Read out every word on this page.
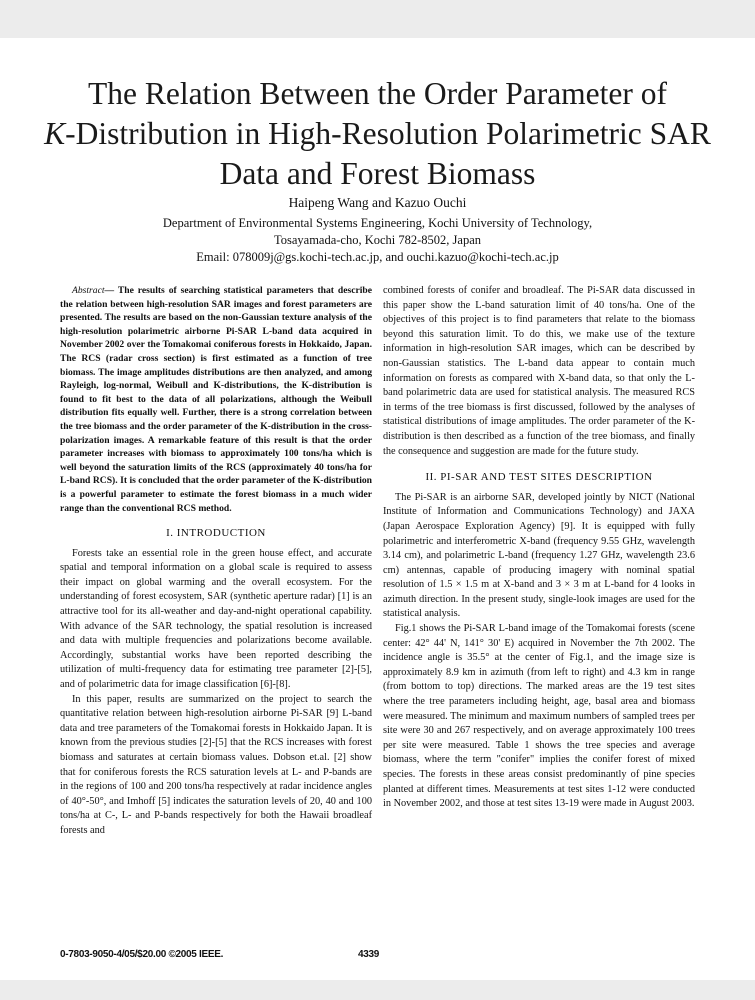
The Relation Between the Order Parameter of
K-Distribution in High-Resolution Polarimetric SAR
Data and Forest Biomass
Haipeng Wang and Kazuo Ouchi
Department of Environmental Systems Engineering, Kochi University of Technology,
Tosayamada-cho, Kochi 782-8502, Japan
Email: 078009j@gs.kochi-tech.ac.jp, and ouchi.kazuo@kochi-tech.ac.jp

Abstract— The results of searching statistical parameters that describe the relation between high-resolution SAR images and forest parameters are presented. The results are based on the non-Gaussian texture analysis of the high-resolution polarimetric airborne Pi-SAR L-band data acquired in November 2002 over the Tomakomai coniferous forests in Hokkaido, Japan. The RCS (radar cross section) is first estimated as a function of tree biomass. The image amplitudes distributions are then analyzed, and among Rayleigh, log-normal, Weibull and K-distributions, the K-distribution is found to fit best to the data of all polarizations, although the Weibull distribution fits equally well. Further, there is a strong correlation between the tree biomass and the order parameter of the K-distribution in the cross-polarization images. A remarkable feature of this result is that the order parameter increases with biomass to approximately 100 tons/ha which is well beyond the saturation limits of the RCS (approximately 40 tons/ha for L-band RCS). It is concluded that the order parameter of the K-distribution is a powerful parameter to estimate the forest biomass in a much wider range than the conventional RCS method.

I. INTRODUCTION

Forests take an essential role in the green house effect, and accurate spatial and temporal information on a global scale is required to assess their impact on global warming and the overall ecosystem. For the understanding of forest ecosystem, SAR (synthetic aperture radar) [1] is an attractive tool for its all-weather and day-and-night operational capability. With advance of the SAR technology, the spatial resolution is increased and data with multiple frequencies and polarizations become available. Accordingly, substantial works have been reported describing the utilization of multi-frequency data for estimating tree parameter [2]-[5], and of polarimetric data for image classification [6]-[8].

In this paper, results are summarized on the project to search the quantitative relation between high-resolution airborne Pi-SAR [9] L-band data and tree parameters of the Tomakomai forests in Hokkaido Japan. It is known from the previous studies [2]-[5] that the RCS increases with forest biomass and saturates at certain biomass values. Dobson et.al. [2] show that for coniferous forests the RCS saturation levels at L- and P-bands are in the regions of 100 and 200 tons/ha respectively at radar incidence angles of 40°-50°, and Imhoff [5] indicates the saturation levels of 20, 40 and 100 tons/ha at C-, L- and P-bands respectively for both the Hawaii broadleaf forests and

combined forests of conifer and broadleaf. The Pi-SAR data discussed in this paper show the L-band saturation limit of 40 tons/ha. One of the objectives of this project is to find parameters that relate to the biomass beyond this saturation limit. To do this, we make use of the texture information in high-resolution SAR images, which can be described by non-Gaussian statistics. The L-band data appear to contain much information on forests as compared with X-band data, so that only the L-band polarimetric data are used for statistical analysis. The measured RCS in terms of the tree biomass is first discussed, followed by the analyses of statistical distributions of image amplitudes. The order parameter of the K-distribution is then described as a function of the tree biomass, and finally the consequence and suggestion are made for the future study.

II. PI-SAR AND TEST SITES DESCRIPTION

The Pi-SAR is an airborne SAR, developed jointly by NICT (National Institute of Information and Communications Technology) and JAXA (Japan Aerospace Exploration Agency) [9]. It is equipped with fully polarimetric and interferometric X-band (frequency 9.55 GHz, wavelength 3.14 cm), and polarimetric L-band (frequency 1.27 GHz, wavelength 23.6 cm) antennas, capable of producing imagery with nominal spatial resolution of 1.5 × 1.5 m at X-band and 3 × 3 m at L-band for 4 looks in azimuth direction. In the present study, single-look images are used for the statistical analysis.

Fig.1 shows the Pi-SAR L-band image of the Tomakomai forests (scene center: 42° 44' N, 141° 30' E) acquired in November the 7th 2002. The incidence angle is 35.5° at the center of Fig.1, and the image size is approximately 8.9 km in azimuth (from left to right) and 4.3 km in range (from bottom to top) directions. The marked areas are the 19 test sites where the tree parameters including height, age, basal area and biomass were measured. The minimum and maximum numbers of sampled trees per site were 30 and 267 respectively, and on average approximately 100 trees per site were measured. Table 1 shows the tree species and average biomass, where the term "conifer" implies the conifer forest of mixed species. The forests in these areas consist predominantly of pine species planted at different times. Measurements at test sites 1-12 were conducted in November 2002, and those at test sites 13-19 were made in August 2003.

0-7803-9050-4/05/$20.00 ©2005 IEEE.	4339
